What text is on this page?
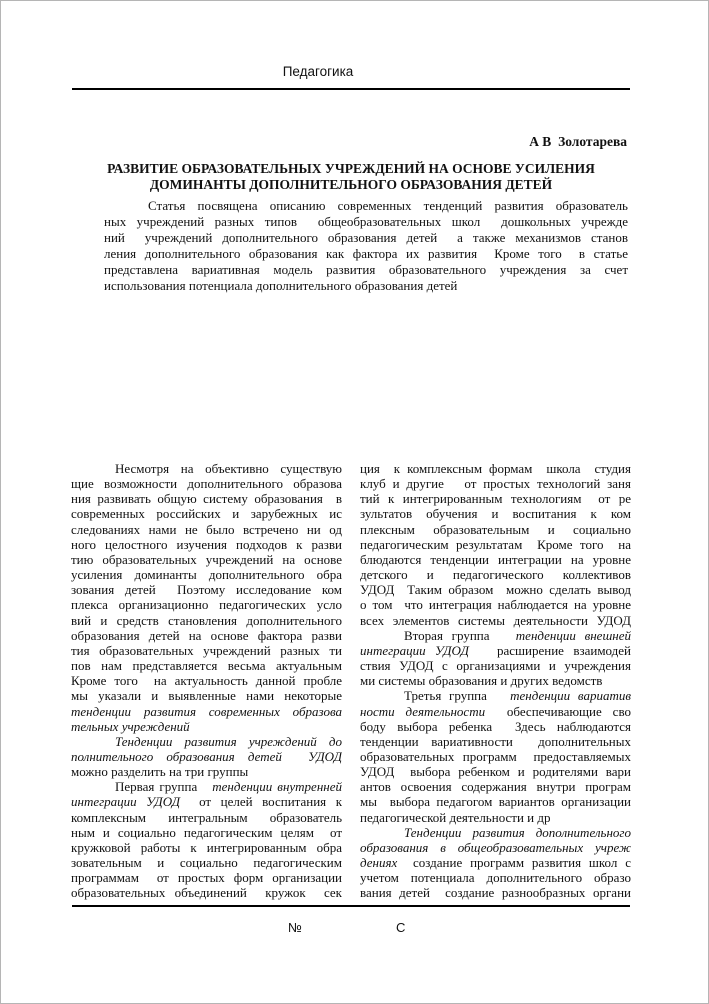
Педагогика
А В  Золотарева
РАЗВИТИЕ ОБРАЗОВАТЕЛЬНЫХ УЧРЕЖДЕНИЙ НА ОСНОВЕ УСИЛЕНИЯ
ДОМИНАНТЫ ДОПОЛНИТЕЛЬНОГО ОБРАЗОВАНИЯ ДЕТЕЙ
Статья посвящена описанию современных тенденций развития образователь
ных учреждений разных типов  общеобразовательных школ  дошкольных учрежде
ний  учреждений дополнительного образования детей  а также механизмов станов
ления дополнительного образования как фактора их развития  Кроме того  в статье
представлена вариативная модель развития образовательного учреждения за счет
использования потенциала дополнительного образования детей
Несмотря на объективно существую
щие возможности дополнительного образова
ния развивать общую систему образования  в
современных российских и зарубежных ис
следованиях нами не было встречено ни од
ного целостного изучения подходов к разви
тию образовательных учреждений на основе
усиления доминанты дополнительного обра
зования детей  Поэтому исследование ком
плекса организационно педагогических усло
вий и средств становления дополнительного
образования детей на основе фактора разви
тия образовательных учреждений разных ти
пов нам представляется весьма актуальным
Кроме того  на актуальность данной пробле
мы указали и выявленные нами некоторые
тенденции развития современных образова
тельных учреждений
Тенденции развития учреждений до
полнительного образования детей  УДОД
можно разделить на три группы
Первая группа   тенденции внутренней
интеграции УДОД  от целей воспитания к
комплексным интегральным образователь
ным и социально педагогическим целям  от
кружковой работы к интегрированным обра
зовательным и социально педагогическим
программам  от простых форм организации
образовательных объединений  кружок  сек
ция  к комплексным формам  школа  студия
клуб и другие   от простых технологий заня
тий к интегрированным технологиям  от ре
зультатов обучения и воспитания к ком
плексным образовательным и социально
педагогическим результатам  Кроме того  на
блюдаются тенденции интеграции на уровне
детского и педагогического коллективов
УДОД  Таким образом  можно сделать вывод
о том  что интеграция наблюдается на уровне
всех элементов системы деятельности УДОД
Вторая группа   тенденции внешней
интеграции УДОД   расширение взаимодей
ствия УДОД с организациями и учреждения
ми системы образования и других ведомств
Третья группа   тенденции вариатив
ности деятельности  обеспечивающие сво
боду выбора ребенка  Здесь наблюдаются
тенденции вариативности  дополнительных
образовательных программ  предоставляемых
УДОД  выбора ребенком и родителями вари
антов освоения содержания внутри програм
мы  выбора педагогом вариантов организации
педагогической деятельности и др
Тенденции развития дополнительного
образования в общеобразовательных учреж
дениях  создание программ развития школ с
учетом потенциала дополнительного образо
вания детей  создание разнообразных органи
№	С
